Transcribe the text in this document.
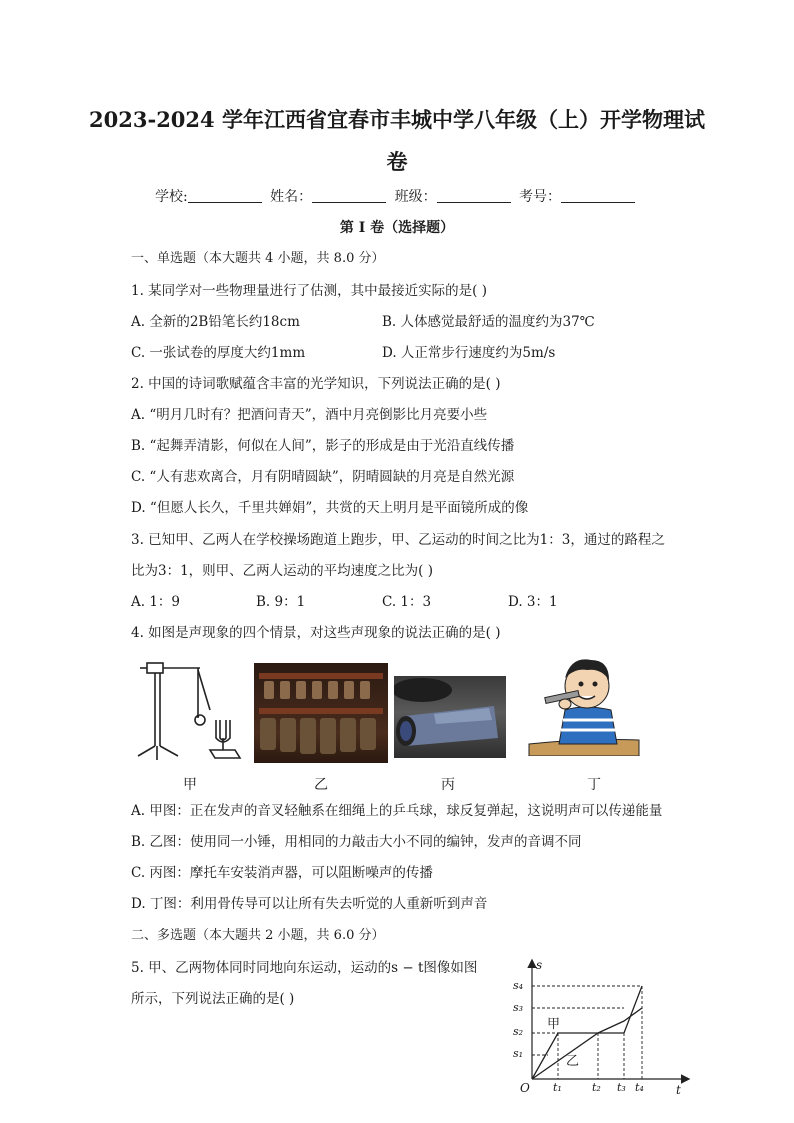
2023-2024 学年江西省宜春市丰城中学八年级（上）开学物理试
卷
学校:	姓名：	班级：	考号：
第 I 卷（选择题）
一、单选题（本大题共 4 小题，共 8.0 分）
1. 某同学对一些物理量进行了估测，其中最接近实际的是( )
A. 全新的2B铅笔长约18cm	B. 人体感觉最舒适的温度约为37℃
C. 一张试卷的厚度大约1mm	D. 人正常步行速度约为5m/s
2. 中国的诗词歌赋蕴含丰富的光学知识，下列说法正确的是( )
A. “明月几时有？把酒问青天”，酒中月亮倒影比月亮要小些
B. “起舞弄清影，何似在人间”，影子的形成是由于光沿直线传播
C. “人有悲欢离合，月有阴晴圆缺”，阴晴圆缺的月亮是自然光源
D. “但愿人长久，千里共婵娟”，共赏的天上明月是平面镜所成的像
3. 已知甲、乙两人在学校操场跑道上跑步，甲、乙运动的时间之比为1：3，通过的路程之
比为3：1，则甲、乙两人运动的平均速度之比为( )
A. 1：9	B. 9：1	C. 1：3	D. 3：1
4. 如图是声现象的四个情景，对这些声现象的说法正确的是( )
甲	乙	丙	丁
A. 甲图：正在发声的音叉轻触系在细绳上的乒乓球，球反复弹起，这说明声可以传递能量
B. 乙图：使用同一小锤，用相同的力敲击大小不同的编钟，发声的音调不同
C. 丙图：摩托车安装消声器，可以阻断噪声的传播
D. 丁图：利用骨传导可以让所有失去听觉的人重新听到声音
二、多选题（本大题共 2 小题，共 6.0 分）
5. 甲、乙两物体同时同地向东运动，运动的s − t图像如图
所示，下列说法正确的是( )
s
t
O
s₄
s₃
s₂
s₁
t₁	t₂ t₃ t₄
甲
乙
